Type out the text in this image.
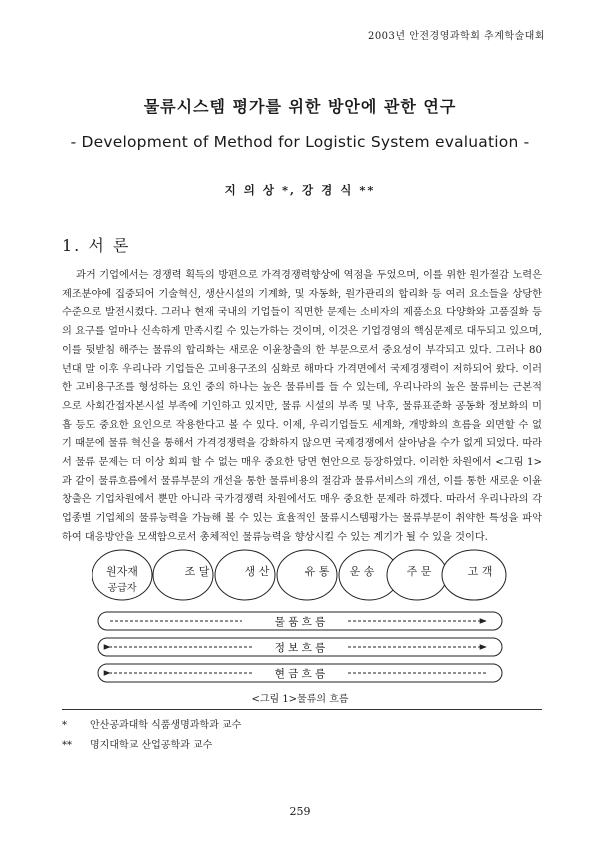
2003년 안전경영과학회 추계학술대회
물류시스템 평가를 위한 방안에 관한 연구
- Development of Method for Logistic System evaluation -
지 의 상 *, 강 경 식 **
1. 서 론

과거 기업에서는 경쟁력 획득의 방편으로 가격경쟁력향상에 역점을 두었으며, 이를 위한 원가절감 노력은 제조분야에 집중되어 기술혁신, 생산시설의 기계화, 및 자동화, 원가관리의 합리화 등 여러 요소들을 상당한 수준으로 발전시켰다. 그러나 현재 국내의 기업들이 직면한 문제는 소비자의 제품소요 다양화와 고품질화 등의 요구를 얼마나 신속하게 만족시킬 수 있는가하는 것이며, 이것은 기업경영의 핵심문제로 대두되고 있으며, 이를 뒷받침 해주는 물류의 합리화는 새로운 이윤창출의 한 부문으로서 중요성이 부각되고 있다. 그러나 80년대 말 이후 우리나라 기업들은 고비용구조의 심화로 해마다 가격면에서 국제경쟁력이 저하되어 왔다. 이러한 고비용구조를 형성하는 요인 중의 하나는 높은 물류비를 들 수 있는데, 우리나라의 높은 물류비는 근본적으로 사회간접자본시설 부족에 기인하고 있지만, 물류 시설의 부족 및 낙후, 물류표준화 공동화 정보화의 미흡 등도 중요한 요인으로 작용한다고 볼 수 있다. 이제, 우리기업들도 세계화, 개방화의 흐름을 외면할 수 없기 때문에 물류 혁신을 통해서 가격경쟁력을 강화하지 않으면 국제경쟁에서 살아남을 수가 없게 되었다. 따라서 물류 문제는 더 이상 회피 할 수 없는 매우 중요한 당면 현안으로 등장하였다. 이러한 차원에서 <그림 1>과 같이 물류흐름에서 물류부문의 개선을 통한 물류비용의 절감과 물류서비스의 개선, 이를 통한 새로운 이윤창출은 기업차원에서 뿐만 아니라 국가경쟁력 차원에서도 매우 중요한 문제라 하겠다. 따라서 우리나라의 각 업종별 기업체의 물류능력을 가늠해 볼 수 있는 효율적인 물류시스템평가는 물류부문이 취약한 특성을 파악하여 대응방안을 모색함으로서 총체적인 물류능력을 향상시킬 수 있는 계기가 될 수 있을 것이다.

원자재
공급자
조 달	생 산	유 통 운 송	주 문	고 객
물 품 흐 름
정 보 흐 름
현 금 흐 름
<그림 1>물류의 흐름
* 안산공과대학 식품생명과학과 교수
** 명지대학교 산업공학과 교수
259
